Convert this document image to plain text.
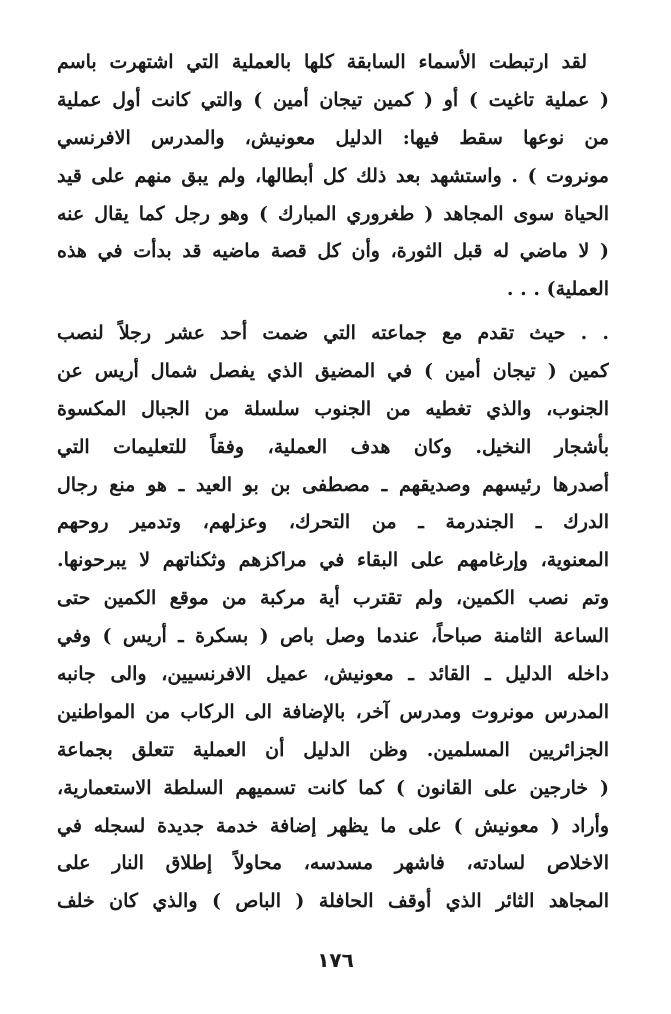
لقد ارتبطت الأسماء السابقة كلها بالعملية التي اشتهرت باسم
( عملية تاغيت ) أو ( كمين تيجان أمين ) والتي كانت أول عملية
من نوعها سقط فيها: الدليل معونيش، والمدرس الافرنسي
مونروت ) . واستشهد بعد ذلك كل أبطالها، ولم يبق منهم على قيد
الحياة سوى المجاهد ( طغروري المبارك ) وهو رجل كما يقال عنه
( لا ماضي له قبل الثورة، وأن كل قصة ماضيه قد بدأت في هذه
العملية) . . .
. . حيث تقدم مع جماعته التي ضمت أحد عشر رجلاً لنصب
كمين ( تيجان أمين ) في المضيق الذي يفصل شمال أريس عن
الجنوب، والذي تغطيه من الجنوب سلسلة من الجبال المكسوة
بأشجار النخيل. وكان هدف العملية، وفقاً للتعليمات التي
أصدرها رئيسهم وصديقهم ـ مصطفى بن بو العيد ـ هو منع رجال
الدرك ـ الجندرمة ـ من التحرك، وعزلهم، وتدمير روحهم
المعنوية، وإرغامهم على البقاء في مراكزهم وثكناتهم لا يبرحونها.
وتم نصب الكمين، ولم تقترب أية مركبة من موقع الكمين حتى
الساعة الثامنة صباحاً، عندما وصل باص ( بسكرة ـ أريس ) وفي
داخله الدليل ـ القائد ـ معونيش، عميل الافرنسيين، والى جانبه
المدرس مونروت ومدرس آخر، بالإضافة الى الركاب من المواطنين
الجزائريين المسلمين. وظن الدليل أن العملية تتعلق بجماعة
( خارجين على القانون ) كما كانت تسميهم السلطة الاستعمارية،
وأراد ( معونيش ) على ما يظهر إضافة خدمة جديدة لسجله في
الاخلاص لسادته، فاشهر مسدسه، محاولاً إطلاق النار على
المجاهد الثائر الذي أوقف الحافلة ( الباص ) والذي كان خلف
١٧٦
